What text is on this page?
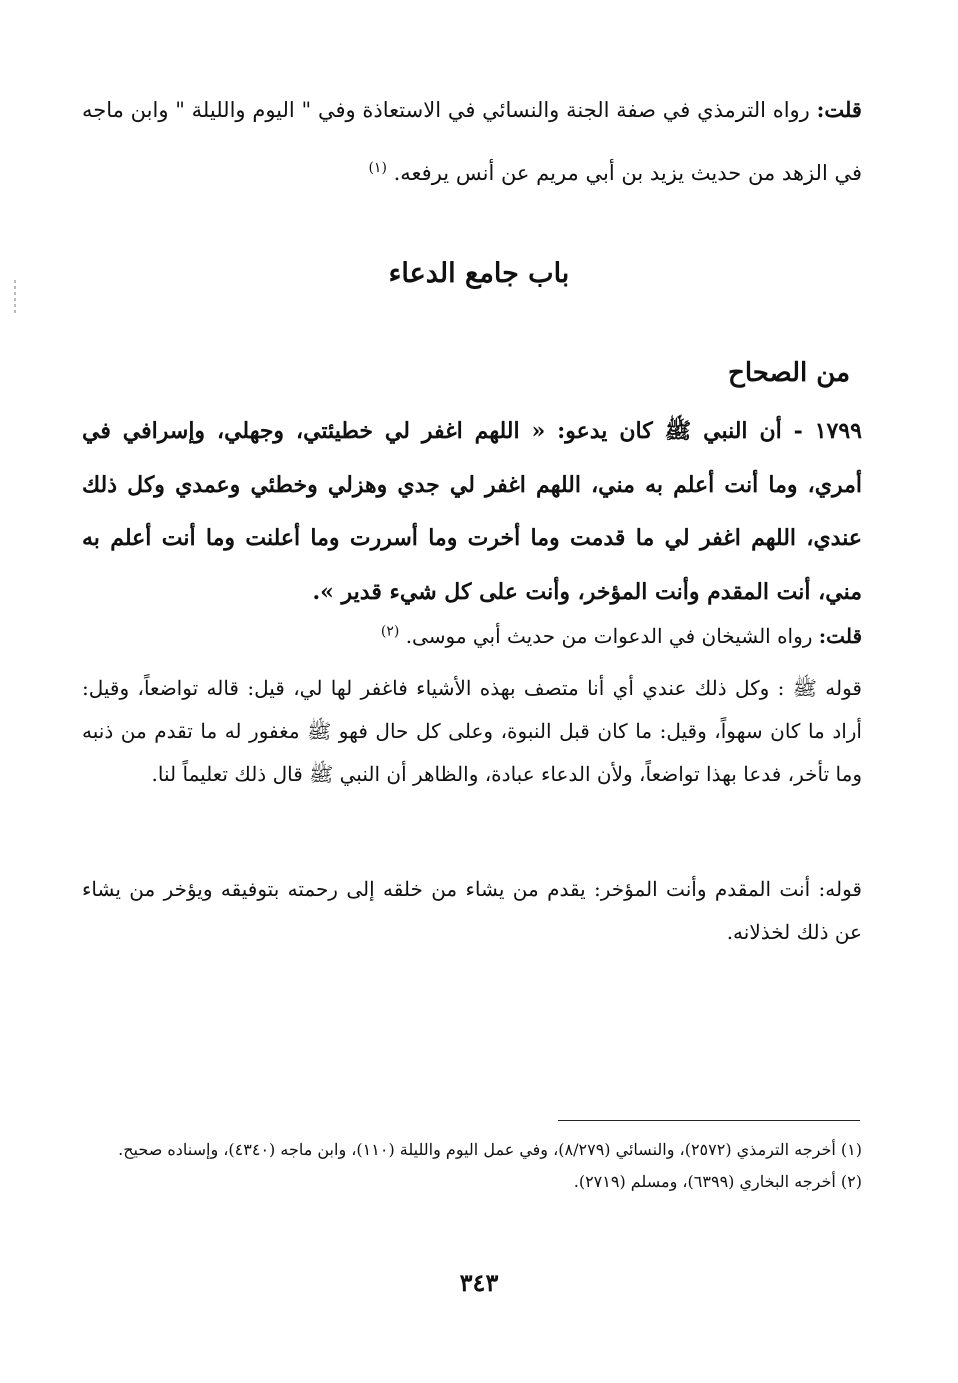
قلت: رواه الترمذي في صفة الجنة والنسائي في الاستعاذة وفي " اليوم والليلة " وابن ماجه في الزهد من حديث يزيد بن أبي مريم عن أنس يرفعه. $^{(١)}$

باب جامع الدعاء
من الصحاح

١٧٩٩ - أن النبي ﷺ كان يدعو: « اللهم اغفر لي خطيئتي، وجهلي، وإسرافي في أمري، وما أنت أعلم به مني، اللهم اغفر لي جدي وهزلي وخطئي وعمدي وكل ذلك عندي، اللهم اغفر لي ما قدمت وما أخرت وما أسررت وما أعلنت وما أنت أعلم به مني، أنت المقدم وأنت المؤخر، وأنت على كل شيء قدير ».

قلت: رواه الشيخان في الدعوات من حديث أبي موسى. $^{(٢)}$

قوله ﷺ : وكل ذلك عندي أي أنا متصف بهذه الأشياء فاغفر لها لي، قيل: قاله تواضعاً، وقيل: أراد ما كان سهواً، وقيل: ما كان قبل النبوة، وعلى كل حال فهو ﷺ مغفور له ما تقدم من ذنبه وما تأخر، فدعا بهذا تواضعاً، ولأن الدعاء عبادة، والظاهر أن النبي ﷺ قال ذلك تعليماً لنا.

قوله: أنت المقدم وأنت المؤخر: يقدم من يشاء من خلقه إلى رحمته بتوفيقه ويؤخر من يشاء عن ذلك لخذلانه.

(١) أخرجه الترمذي (٢٥٧٢)، والنسائي (٨/٢٧٩)، وفي عمل اليوم والليلة (١١٠)، وابن ماجه (٤٣٤٠)، وإسناده صحيح.
(٢) أخرجه البخاري (٦٣٩٩)، ومسلم (٢٧١٩).
٣٤٣
